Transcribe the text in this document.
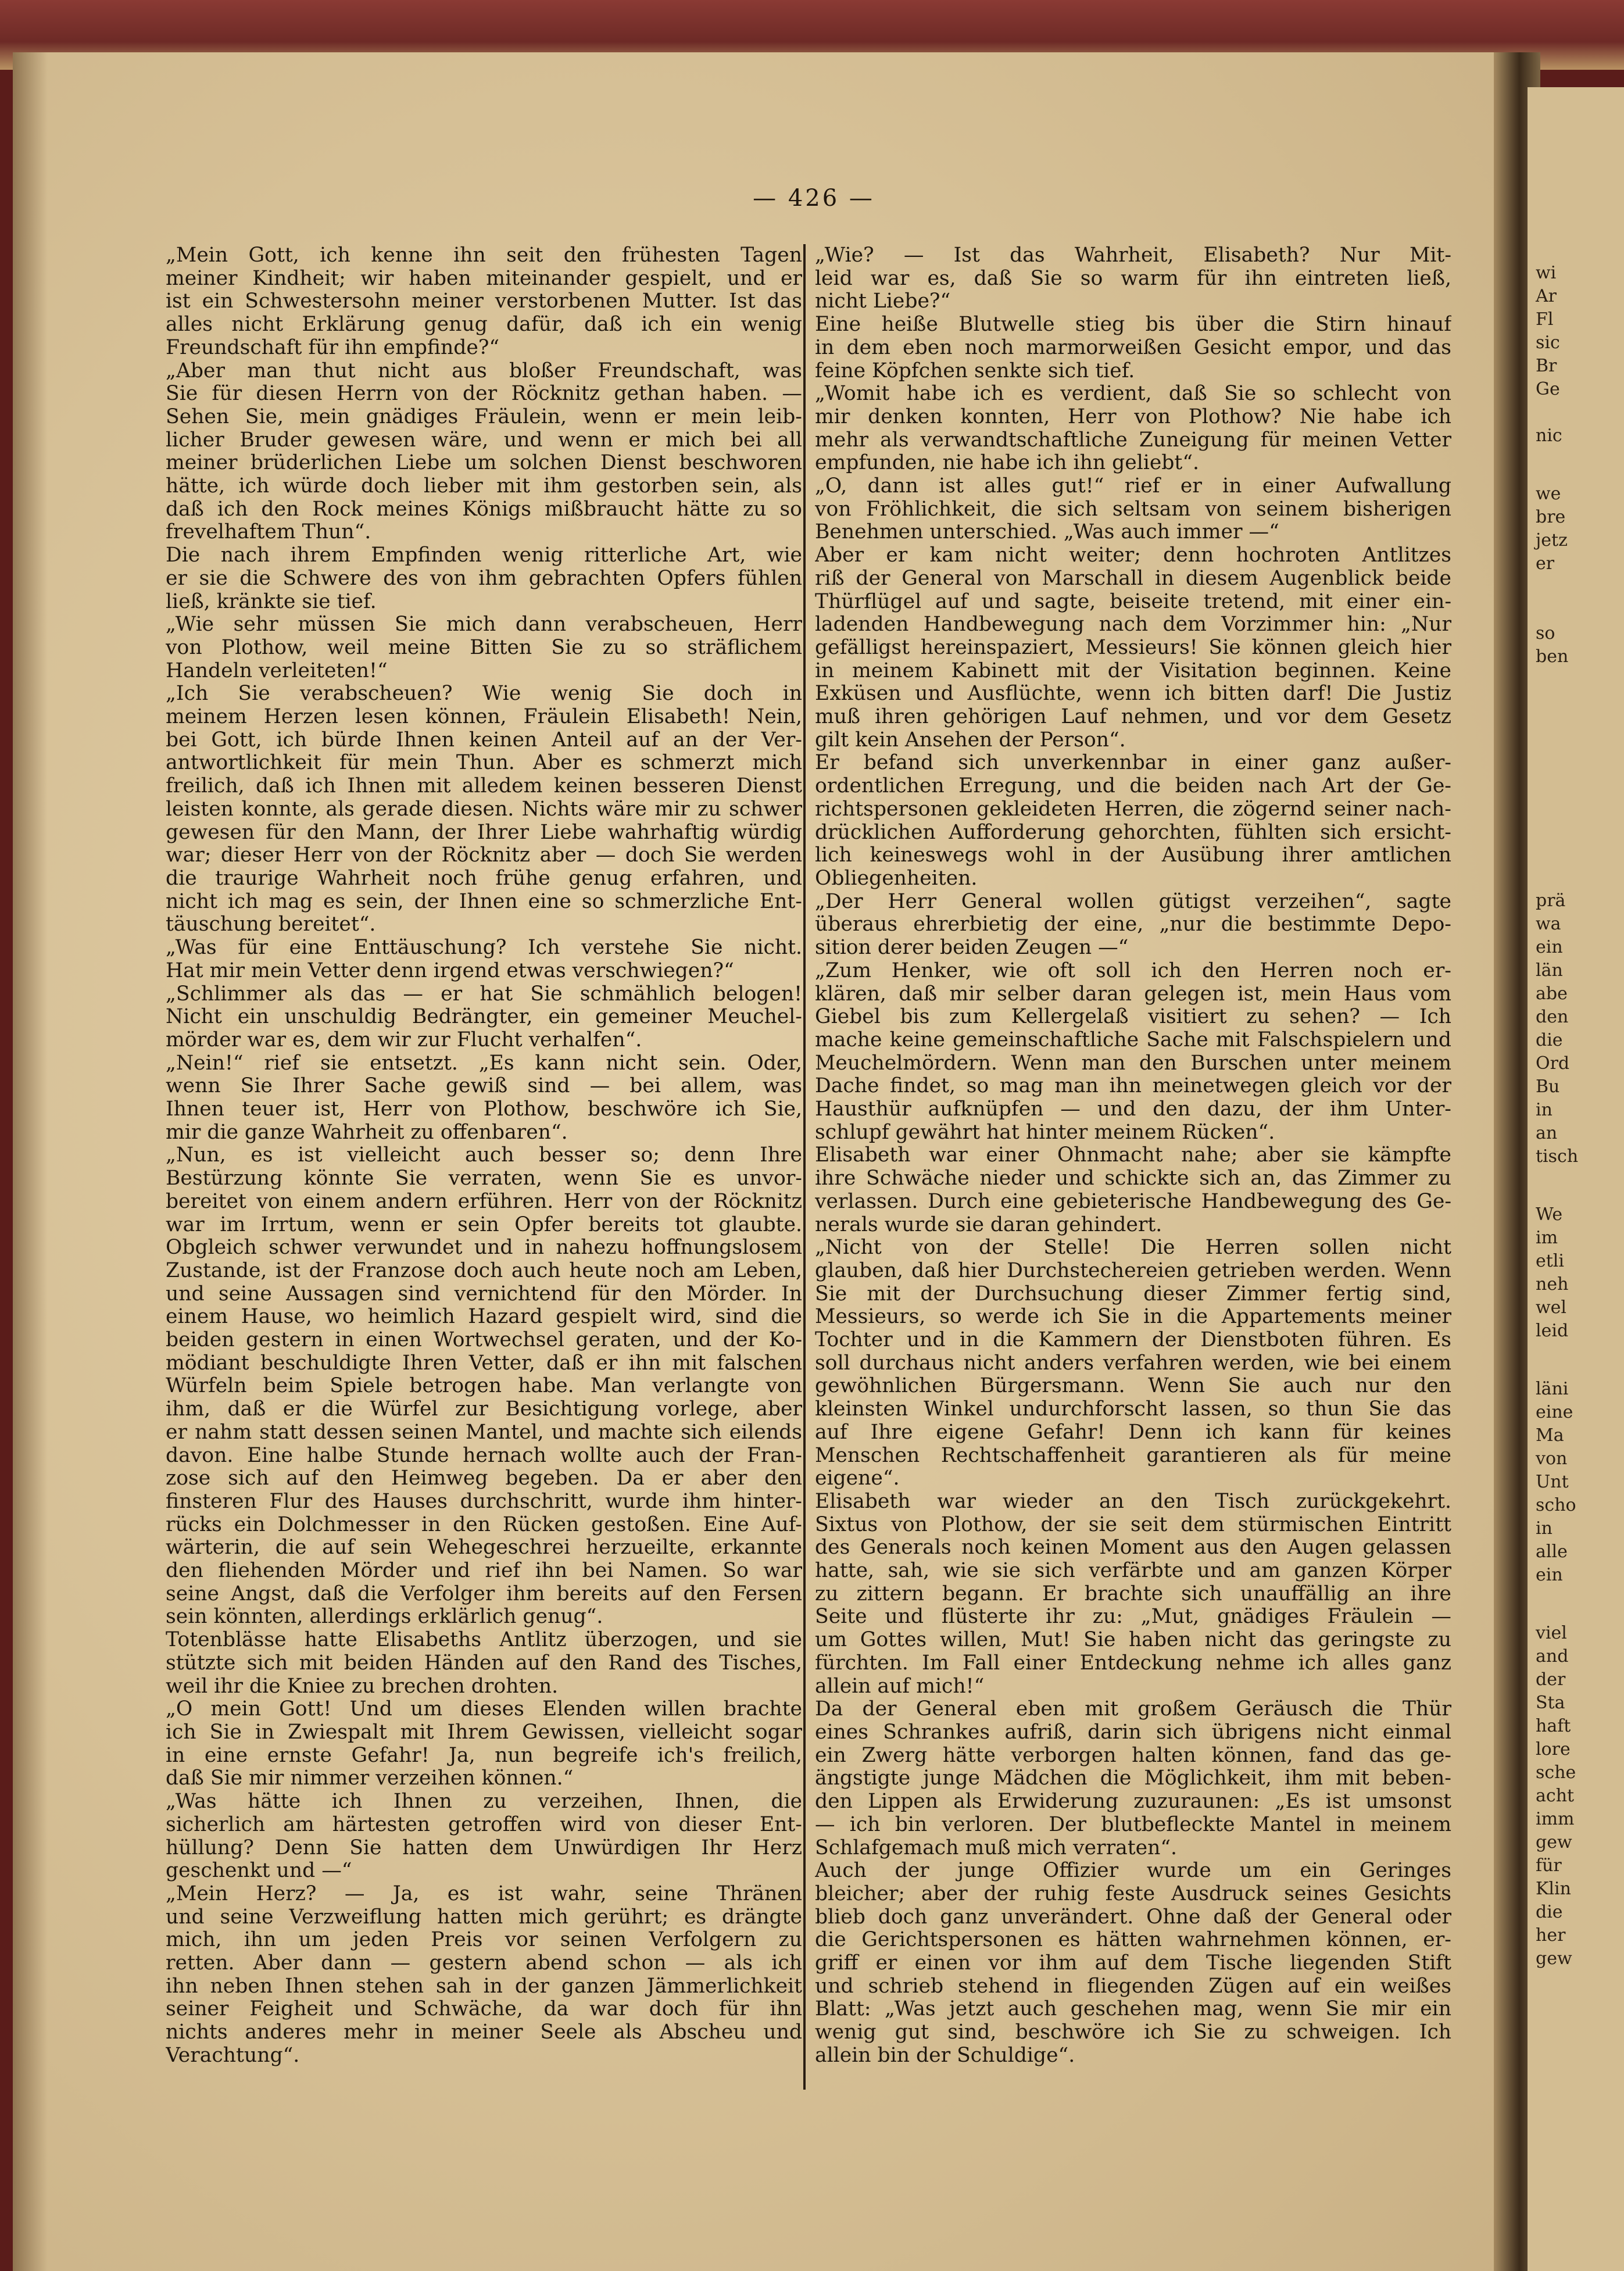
wi
Ar
Fl
sic
Br
Ge
nic
we
bre
jetz
er
so
ben
prä
wa
ein
län
abe
den
die
Ord
Bu
in
an
tisch
We
im
etli
neh
wel
leid
läni
eine
Ma
von
Unt
scho
in
alle
ein
viel
and
der
Sta
haft
lore
sche
acht
imm
gew
für
Klin
die
her
gew
— 426 —

„Mein Gott, ich kenne ihn seit den frühesten Tagen
meiner Kindheit; wir haben miteinander gespielt, und er
ist ein Schwestersohn meiner verstorbenen Mutter. Ist das
alles nicht Erklärung genug dafür, daß ich ein wenig
Freundschaft für ihn empfinde?“

„Aber man thut nicht aus bloßer Freundschaft, was
Sie für diesen Herrn von der Röcknitz gethan haben. —
Sehen Sie, mein gnädiges Fräulein, wenn er mein leib-
licher Bruder gewesen wäre, und wenn er mich bei all
meiner brüderlichen Liebe um solchen Dienst beschworen
hätte, ich würde doch lieber mit ihm gestorben sein, als
daß ich den Rock meines Königs mißbraucht hätte zu so
frevelhaftem Thun“.

Die nach ihrem Empfinden wenig ritterliche Art, wie
er sie die Schwere des von ihm gebrachten Opfers fühlen
ließ, kränkte sie tief.

„Wie sehr müssen Sie mich dann verabscheuen, Herr
von Plothow, weil meine Bitten Sie zu so sträflichem
Handeln verleiteten!“

„Ich Sie verabscheuen? Wie wenig Sie doch in
meinem Herzen lesen können, Fräulein Elisabeth! Nein,
bei Gott, ich bürde Ihnen keinen Anteil auf an der Ver-
antwortlichkeit für mein Thun. Aber es schmerzt mich
freilich, daß ich Ihnen mit alledem keinen besseren Dienst
leisten konnte, als gerade diesen. Nichts wäre mir zu schwer
gewesen für den Mann, der Ihrer Liebe wahrhaftig würdig
war; dieser Herr von der Röcknitz aber — doch Sie werden
die traurige Wahrheit noch frühe genug erfahren, und
nicht ich mag es sein, der Ihnen eine so schmerzliche Ent-
täuschung bereitet“.

„Was für eine Enttäuschung? Ich verstehe Sie nicht.
Hat mir mein Vetter denn irgend etwas verschwiegen?“

„Schlimmer als das — er hat Sie schmählich belogen!
Nicht ein unschuldig Bedrängter, ein gemeiner Meuchel-
mörder war es, dem wir zur Flucht verhalfen“.

„Nein!“ rief sie entsetzt. „Es kann nicht sein. Oder,
wenn Sie Ihrer Sache gewiß sind — bei allem, was
Ihnen teuer ist, Herr von Plothow, beschwöre ich Sie,
mir die ganze Wahrheit zu offenbaren“.

„Nun, es ist vielleicht auch besser so; denn Ihre
Bestürzung könnte Sie verraten, wenn Sie es unvor-
bereitet von einem andern erführen. Herr von der Röcknitz
war im Irrtum, wenn er sein Opfer bereits tot glaubte.
Obgleich schwer verwundet und in nahezu hoffnungslosem
Zustande, ist der Franzose doch auch heute noch am Leben,
und seine Aussagen sind vernichtend für den Mörder. In
einem Hause, wo heimlich Hazard gespielt wird, sind die
beiden gestern in einen Wortwechsel geraten, und der Ko-
mödiant beschuldigte Ihren Vetter, daß er ihn mit falschen
Würfeln beim Spiele betrogen habe. Man verlangte von
ihm, daß er die Würfel zur Besichtigung vorlege, aber
er nahm statt dessen seinen Mantel, und machte sich eilends
davon. Eine halbe Stunde hernach wollte auch der Fran-
zose sich auf den Heimweg begeben. Da er aber den
finsteren Flur des Hauses durchschritt, wurde ihm hinter-
rücks ein Dolchmesser in den Rücken gestoßen. Eine Auf-
wärterin, die auf sein Wehegeschrei herzueilte, erkannte
den fliehenden Mörder und rief ihn bei Namen. So war
seine Angst, daß die Verfolger ihm bereits auf den Fersen
sein könnten, allerdings erklärlich genug“.

Totenblässe hatte Elisabeths Antlitz überzogen, und sie
stützte sich mit beiden Händen auf den Rand des Tisches,
weil ihr die Kniee zu brechen drohten.

„O mein Gott! Und um dieses Elenden willen brachte
ich Sie in Zwiespalt mit Ihrem Gewissen, vielleicht sogar
in eine ernste Gefahr! Ja, nun begreife ich's freilich,
daß Sie mir nimmer verzeihen können.“

„Was hätte ich Ihnen zu verzeihen, Ihnen, die
sicherlich am härtesten getroffen wird von dieser Ent-
hüllung? Denn Sie hatten dem Unwürdigen Ihr Herz
geschenkt und —“

„Mein Herz? — Ja, es ist wahr, seine Thränen
und seine Verzweiflung hatten mich gerührt; es drängte
mich, ihn um jeden Preis vor seinen Verfolgern zu
retten. Aber dann — gestern abend schon — als ich
ihn neben Ihnen stehen sah in der ganzen Jämmerlichkeit
seiner Feigheit und Schwäche, da war doch für ihn
nichts anderes mehr in meiner Seele als Abscheu und
Verachtung“.

„Wie? — Ist das Wahrheit, Elisabeth? Nur Mit-
leid war es, daß Sie so warm für ihn eintreten ließ,
nicht Liebe?“

Eine heiße Blutwelle stieg bis über die Stirn hinauf
in dem eben noch marmorweißen Gesicht empor, und das
feine Köpfchen senkte sich tief.

„Womit habe ich es verdient, daß Sie so schlecht von
mir denken konnten, Herr von Plothow? Nie habe ich
mehr als verwandtschaftliche Zuneigung für meinen Vetter
empfunden, nie habe ich ihn geliebt“.

„O, dann ist alles gut!“ rief er in einer Aufwallung
von Fröhlichkeit, die sich seltsam von seinem bisherigen
Benehmen unterschied. „Was auch immer —“

Aber er kam nicht weiter; denn hochroten Antlitzes
riß der General von Marschall in diesem Augenblick beide
Thürflügel auf und sagte, beiseite tretend, mit einer ein-
ladenden Handbewegung nach dem Vorzimmer hin: „Nur
gefälligst hereinspaziert, Messieurs! Sie können gleich hier
in meinem Kabinett mit der Visitation beginnen. Keine
Exküsen und Ausflüchte, wenn ich bitten darf! Die Justiz
muß ihren gehörigen Lauf nehmen, und vor dem Gesetz
gilt kein Ansehen der Person“.

Er befand sich unverkennbar in einer ganz außer-
ordentlichen Erregung, und die beiden nach Art der Ge-
richtspersonen gekleideten Herren, die zögernd seiner nach-
drücklichen Aufforderung gehorchten, fühlten sich ersicht-
lich keineswegs wohl in der Ausübung ihrer amtlichen
Obliegenheiten.

„Der Herr General wollen gütigst verzeihen“, sagte
überaus ehrerbietig der eine, „nur die bestimmte Depo-
sition derer beiden Zeugen —“

„Zum Henker, wie oft soll ich den Herren noch er-
klären, daß mir selber daran gelegen ist, mein Haus vom
Giebel bis zum Kellergelaß visitiert zu sehen? — Ich
mache keine gemeinschaftliche Sache mit Falschspielern und
Meuchelmördern. Wenn man den Burschen unter meinem
Dache findet, so mag man ihn meinetwegen gleich vor der
Hausthür aufknüpfen — und den dazu, der ihm Unter-
schlupf gewährt hat hinter meinem Rücken“.

Elisabeth war einer Ohnmacht nahe; aber sie kämpfte
ihre Schwäche nieder und schickte sich an, das Zimmer zu
verlassen. Durch eine gebieterische Handbewegung des Ge-
nerals wurde sie daran gehindert.

„Nicht von der Stelle! Die Herren sollen nicht
glauben, daß hier Durchstechereien getrieben werden. Wenn
Sie mit der Durchsuchung dieser Zimmer fertig sind,
Messieurs, so werde ich Sie in die Appartements meiner
Tochter und in die Kammern der Dienstboten führen. Es
soll durchaus nicht anders verfahren werden, wie bei einem
gewöhnlichen Bürgersmann. Wenn Sie auch nur den
kleinsten Winkel undurchforscht lassen, so thun Sie das
auf Ihre eigene Gefahr! Denn ich kann für keines
Menschen Rechtschaffenheit garantieren als für meine
eigene“.

Elisabeth war wieder an den Tisch zurückgekehrt.
Sixtus von Plothow, der sie seit dem stürmischen Eintritt
des Generals noch keinen Moment aus den Augen gelassen
hatte, sah, wie sie sich verfärbte und am ganzen Körper
zu zittern begann. Er brachte sich unauffällig an ihre
Seite und flüsterte ihr zu: „Mut, gnädiges Fräulein —
um Gottes willen, Mut! Sie haben nicht das geringste zu
fürchten. Im Fall einer Entdeckung nehme ich alles ganz
allein auf mich!“

Da der General eben mit großem Geräusch die Thür
eines Schrankes aufriß, darin sich übrigens nicht einmal
ein Zwerg hätte verborgen halten können, fand das ge-
ängstigte junge Mädchen die Möglichkeit, ihm mit beben-
den Lippen als Erwiderung zuzuraunen: „Es ist umsonst
— ich bin verloren. Der blutbefleckte Mantel in meinem
Schlafgemach muß mich verraten“.

Auch der junge Offizier wurde um ein Geringes
bleicher; aber der ruhig feste Ausdruck seines Gesichts
blieb doch ganz unverändert. Ohne daß der General oder
die Gerichtspersonen es hätten wahrnehmen können, er-
griff er einen vor ihm auf dem Tische liegenden Stift
und schrieb stehend in fliegenden Zügen auf ein weißes
Blatt: „Was jetzt auch geschehen mag, wenn Sie mir ein
wenig gut sind, beschwöre ich Sie zu schweigen. Ich
allein bin der Schuldige“.
